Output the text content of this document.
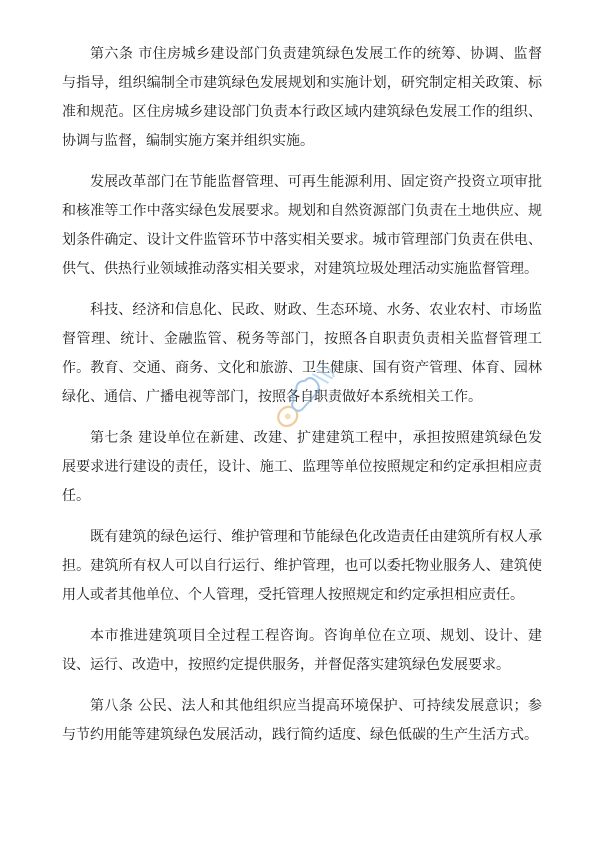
第六条 市住房城乡建设部门负责建筑绿色发展工作的统筹、协调、监督与指导，组织编制全市建筑绿色发展规划和实施计划，研究制定相关政策、标准和规范。区住房城乡建设部门负责本行政区域内建筑绿色发展工作的组织、协调与监督，编制实施方案并组织实施。

发展改革部门在节能监督管理、可再生能源利用、固定资产投资立项审批和核准等工作中落实绿色发展要求。规划和自然资源部门负责在土地供应、规划条件确定、设计文件监管环节中落实相关要求。城市管理部门负责在供电、供气、供热行业领域推动落实相关要求，对建筑垃圾处理活动实施监督管理。

科技、经济和信息化、民政、财政、生态环境、水务、农业农村、市场监督管理、统计、金融监管、税务等部门，按照各自职责负责相关监督管理工作。教育、交通、商务、文化和旅游、卫生健康、国有资产管理、体育、园林绿化、通信、广播电视等部门，按照各自职责做好本系统相关工作。

第七条 建设单位在新建、改建、扩建建筑工程中，承担按照建筑绿色发展要求进行建设的责任，设计、施工、监理等单位按照规定和约定承担相应责任。

既有建筑的绿色运行、维护管理和节能绿色化改造责任由建筑所有权人承担。建筑所有权人可以自行运行、维护管理，也可以委托物业服务人、建筑使用人或者其他单位、个人管理，受托管理人按照规定和约定承担相应责任。

本市推进建筑项目全过程工程咨询。咨询单位在立项、规划、设计、建设、运行、改造中，按照约定提供服务，并督促落实建筑绿色发展要求。

第八条 公民、法人和其他组织应当提高环境保护、可持续发展意识；参与节约用能等建筑绿色发展活动，践行简约适度、绿色低碳的生产生活方式。
